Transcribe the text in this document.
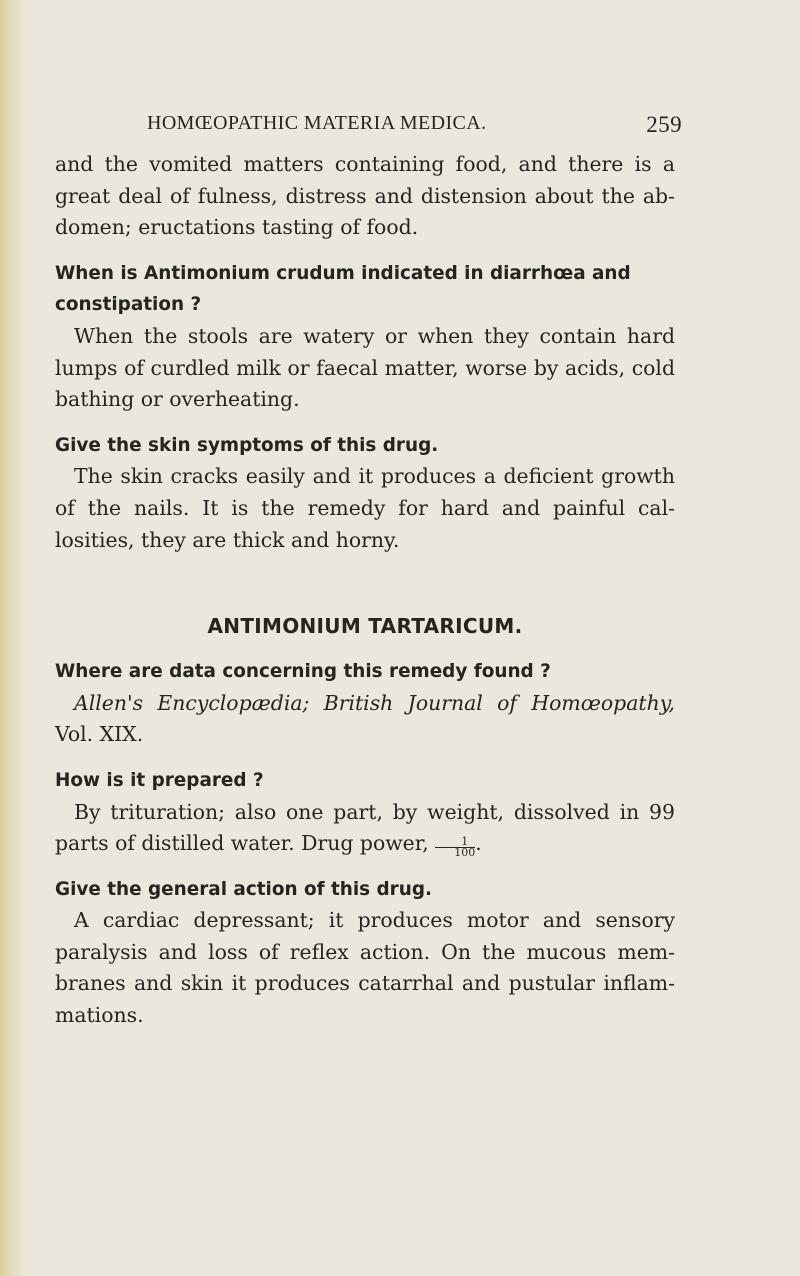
HOMŒOPATHIC MATERIA MEDICA.	259

and the vomited matters containing food, and there is a great deal of fulness, distress and distension about the ab-domen; eructations tasting of food.

When is Antimonium crudum indicated in diarrhœa and
constipation ?

When the stools are watery or when they contain hard lumps of curdled milk or faecal matter, worse by acids, cold bathing or overheating.

Give the skin symptoms of this drug.

The skin cracks easily and it produces a deficient growth of the nails. It is the remedy for hard and painful cal-losities, they are thick and horny.

ANTIMONIUM TARTARICUM.

Where are data concerning this remedy found ?

Allen's Encyclopædia; British Journal of Homœopathy, Vol. XIX.

How is it prepared ?

By trituration; also one part, by weight, dissolved in 99 parts of distilled water. Drug power, $\frac{1}{100}$ .

Give the general action of this drug.

A cardiac depressant; it produces motor and sensory paralysis and loss of reflex action. On the mucous mem-branes and skin it produces catarrhal and pustular inflam-mations.
